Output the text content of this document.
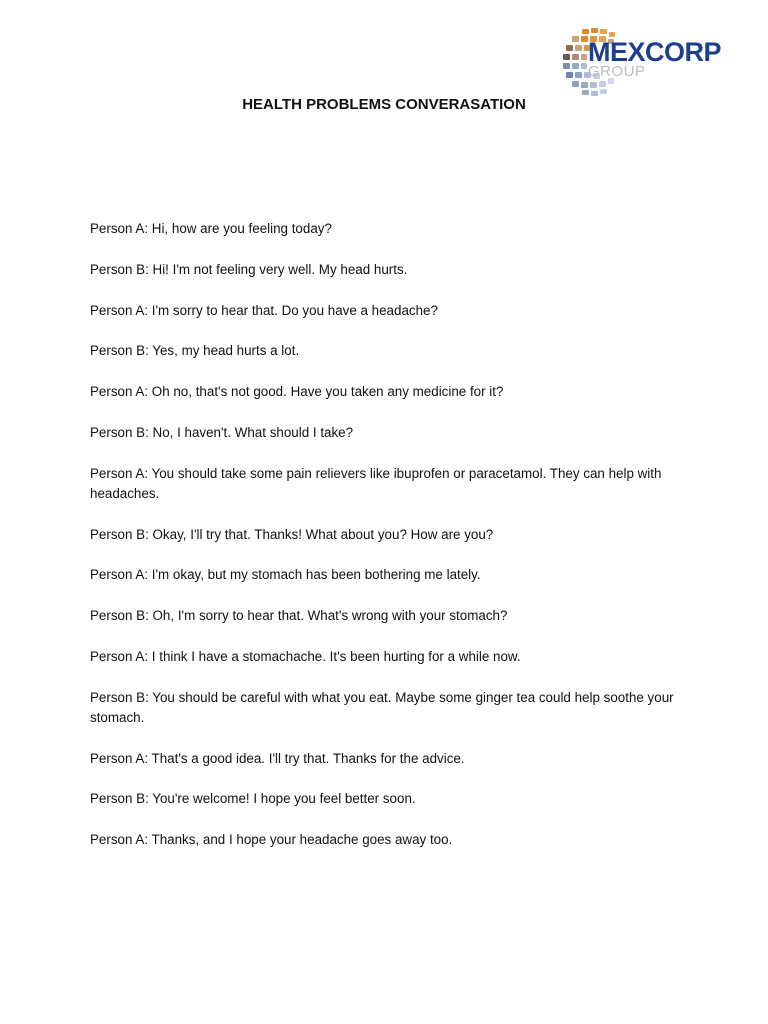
MEXCORP
GROUP
HEALTH PROBLEMS CONVERASATION

Person A: Hi, how are you feeling today?

Person B: Hi! I'm not feeling very well. My head hurts.

Person A: I'm sorry to hear that. Do you have a headache?

Person B: Yes, my head hurts a lot.

Person A: Oh no, that's not good. Have you taken any medicine for it?

Person B: No, I haven't. What should I take?

Person A: You should take some pain relievers like ibuprofen or paracetamol. They can help with headaches.

Person B: Okay, I'll try that. Thanks! What about you? How are you?

Person A: I'm okay, but my stomach has been bothering me lately.

Person B: Oh, I'm sorry to hear that. What's wrong with your stomach?

Person A: I think I have a stomachache. It's been hurting for a while now.

Person B: You should be careful with what you eat. Maybe some ginger tea could help soothe your stomach.

Person A: That's a good idea. I'll try that. Thanks for the advice.

Person B: You're welcome! I hope you feel better soon.

Person A: Thanks, and I hope your headache goes away too.
